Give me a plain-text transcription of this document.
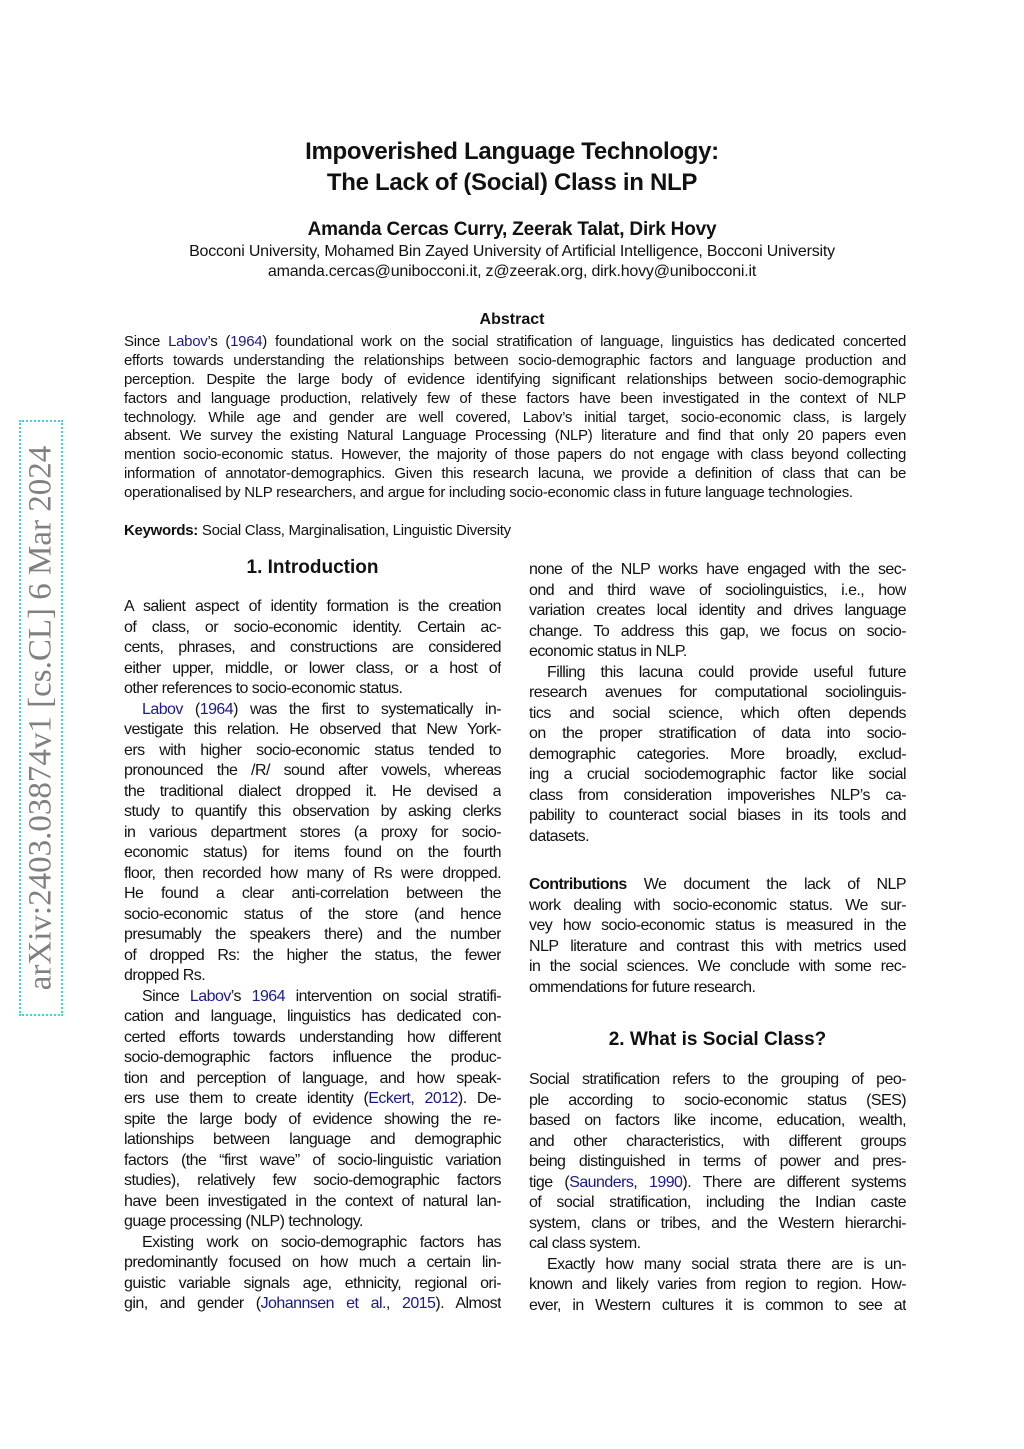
arXiv:2403.03874v1 [cs.CL] 6 Mar 2024
Impoverished Language Technology:
The Lack of (Social) Class in NLP
Amanda Cercas Curry, Zeerak Talat, Dirk Hovy
Bocconi University, Mohamed Bin Zayed University of Artificial Intelligence, Bocconi University
amanda.cercas@unibocconi.it, z@zeerak.org, dirk.hovy@unibocconi.it
Abstract
Since Labov’s (1964) foundational work on the social stratification of language, linguistics has dedicated concerted
efforts towards understanding the relationships between socio-demographic factors and language production and
perception. Despite the large body of evidence identifying significant relationships between socio-demographic
factors and language production, relatively few of these factors have been investigated in the context of NLP
technology. While age and gender are well covered, Labov’s initial target, socio-economic class, is largely
absent. We survey the existing Natural Language Processing (NLP) literature and find that only 20 papers even
mention socio-economic status. However, the majority of those papers do not engage with class beyond collecting
information of annotator-demographics. Given this research lacuna, we provide a definition of class that can be
operationalised by NLP researchers, and argue for including socio-economic class in future language technologies.
Keywords: Social Class, Marginalisation, Linguistic Diversity
1. Introduction
A salient aspect of identity formation is the creation
of class, or socio-economic identity. Certain ac-
cents, phrases, and constructions are considered
either upper, middle, or lower class, or a host of
other references to socio-economic status.
Labov (1964) was the first to systematically in-
vestigate this relation. He observed that New York-
ers with higher socio-economic status tended to
pronounced the /R/ sound after vowels, whereas
the traditional dialect dropped it. He devised a
study to quantify this observation by asking clerks
in various department stores (a proxy for socio-
economic status) for items found on the fourth
floor, then recorded how many of Rs were dropped.
He found a clear anti-correlation between the
socio-economic status of the store (and hence
presumably the speakers there) and the number
of dropped Rs: the higher the status, the fewer
dropped Rs.
Since Labov’s 1964 intervention on social stratifi-
cation and language, linguistics has dedicated con-
certed efforts towards understanding how different
socio-demographic factors influence the produc-
tion and perception of language, and how speak-
ers use them to create identity (Eckert, 2012). De-
spite the large body of evidence showing the re-
lationships between language and demographic
factors (the “first wave” of socio-linguistic variation
studies), relatively few socio-demographic factors
have been investigated in the context of natural lan-
guage processing (NLP) technology.
Existing work on socio-demographic factors has
predominantly focused on how much a certain lin-
guistic variable signals age, ethnicity, regional ori-
gin, and gender (Johannsen et al., 2015). Almost
none of the NLP works have engaged with the sec-
ond and third wave of sociolinguistics, i.e., how
variation creates local identity and drives language
change. To address this gap, we focus on socio-
economic status in NLP.
Filling this lacuna could provide useful future
research avenues for computational sociolinguis-
tics and social science, which often depends
on the proper stratification of data into socio-
demographic categories. More broadly, exclud-
ing a crucial sociodemographic factor like social
class from consideration impoverishes NLP’s ca-
pability to counteract social biases in its tools and
datasets.
Contributions We document the lack of NLP
work dealing with socio-economic status. We sur-
vey how socio-economic status is measured in the
NLP literature and contrast this with metrics used
in the social sciences. We conclude with some rec-
ommendations for future research.
2. What is Social Class?
Social stratification refers to the grouping of peo-
ple according to socio-economic status (SES)
based on factors like income, education, wealth,
and other characteristics, with different groups
being distinguished in terms of power and pres-
tige (Saunders, 1990). There are different systems
of social stratification, including the Indian caste
system, clans or tribes, and the Western hierarchi-
cal class system.
Exactly how many social strata there are is un-
known and likely varies from region to region. How-
ever, in Western cultures it is common to see at
